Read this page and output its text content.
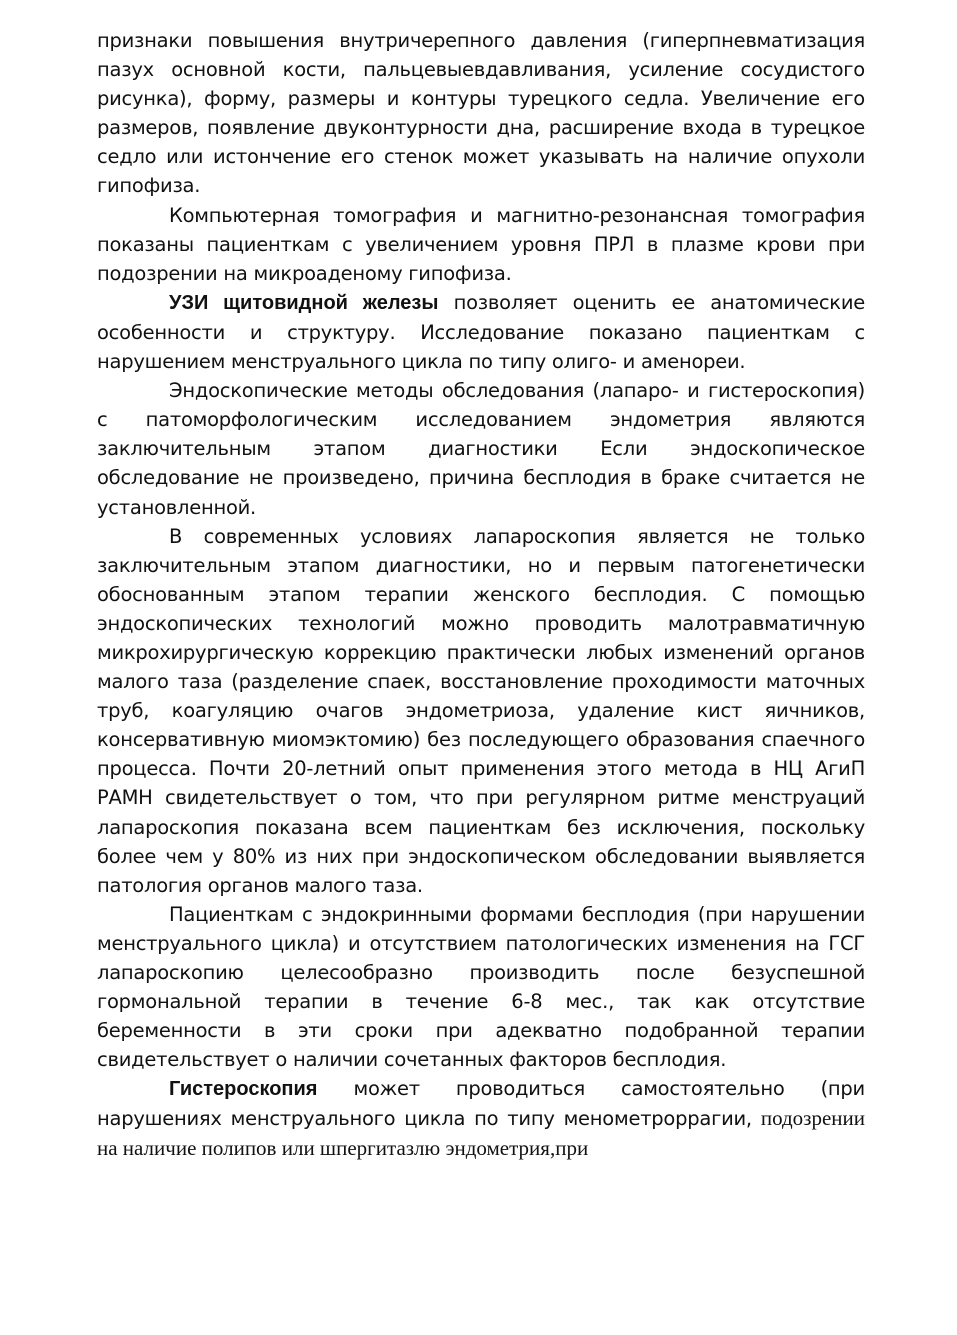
признаки повышения внутричерепного давления (гиперпневматизация пазух основной кости, пальцевыевдавливания, усиление сосудистого рисунка), форму, размеры и контуры турецкого седла. Увеличение его размеров, появление двуконтурности дна, расширение входа в турецкое седло или истончение его стенок может указывать на наличие опухоли гипофиза.

Компьютерная томография и магнитно-резонансная томография показаны пациенткам с увеличением уровня ПРЛ в плазме крови при подозрении на микроаденому гипофиза.

УЗИ щитовидной железы позволяет оценить ее анатомические особенности и структуру. Исследование показано пациенткам с нарушением менструального цикла по типу олиго- и аменореи.

Эндоскопические методы обследования (лапаро- и гистероскопия) с патоморфологическим исследованием эндометрия являются заключительным этапом диагностики Если эндоскопическое обследование не произведено, причина бесплодия в браке считается не установленной.

В современных условиях лапароскопия является не только заключительным этапом диагностики, но и первым патогенетически обоснованным этапом терапии женского бесплодия. С помощью эндоскопических технологий можно проводить малотравматичную микрохирургическую коррекцию практически любых изменений органов малого таза (разделение спаек, восстановление проходимости маточных труб, коагуляцию очагов эндометриоза, удаление кист яичников, консервативную миомэктомию) без последующего образования спаечного процесса. Почти 20-летний опыт применения этого метода в НЦ АгиП РАМН свидетельствует о том, что при регулярном ритме менструаций лапароскопия показана всем пациенткам без исключения, поскольку более чем у 80% из них при эндоскопическом обследовании выявляется патология органов малого таза.

Пациенткам с эндокринными формами бесплодия (при нарушении менструального цикла) и отсутствием патологических изменения на ГСГ лапароскопию целесообразно производить после безуспешной гормональной терапии в течение 6-8 мес., так как отсутствие беременности в эти сроки при адекватно подобранной терапии свидетельствует о наличии сочетанных факторов бесплодия.

Гистероскопия может проводиться самостоятельно (при нарушениях менструального цикла по типу менометроррагии, подозрении на наличие полипов или шпергитазлю эндометрия,при
